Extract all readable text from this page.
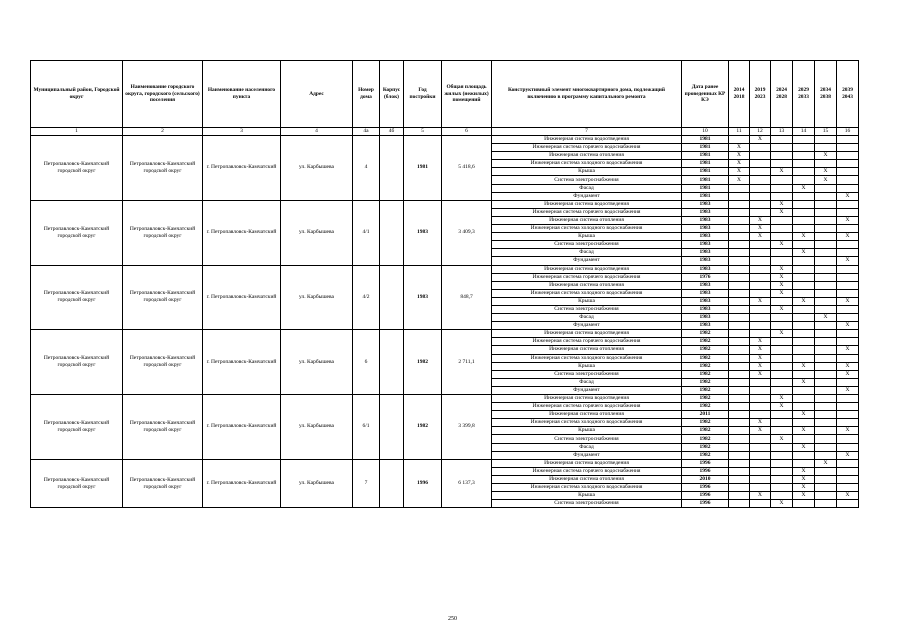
Муниципальный район, Городской округ	Наименование городского округа, городского (сельского) поселения	Наименование населенного пункта	Адрес	Номер дома	Корпус (блок)	Год постройки	Общая площадь жилых (нежилых) помещений	Конструктивный элемент многоквартирного дома, подлежащий включению в программу капитального ремонта	Дата ранее проведенных КР КЭ	2014 2018	2019 2023	2024 2028	2029 2033	2034 2038	2039 2043
1	2	3	4	4а	4б	5	6	7	10	11	12	13	14	15	16
Петропавловск-Камчатский городской округ	Петропавловск-Камчатский городской округ	г. Петропавловск-Камчатский	ул. Карбышева	4		1981	5 418,6	Инженерная система водоотведения	1981		X				
								Инженерная система горячего водоснабжения	1981	X					
								Инженерная система отопления	1981	X				X	
								Инженерная система холодного водоснабжения	1981	X					
								Крыша	1981	X		X		X	
								Система электроснабжения	1981	X				X	
								Фасад	1981				X		
								Фундамент	1981						X
Петропавловск-Камчатский городской округ	Петропавловск-Камчатский городской округ	г. Петропавловск-Камчатский	ул. Карбышева	4/1		1983	3 409,3	Инженерная система водоотведения	1983			X			
								Инженерная система горячего водоснабжения	1983			X			
								Инженерная система отопления	1983		X				X
								Инженерная система холодного водоснабжения	1983		X				
								Крыша	1983		X		X		X
								Система электроснабжения	1983			X			
								Фасад	1983				X		
								Фундамент	1983						X
Петропавловск-Камчатский городской округ	Петропавловск-Камчатский городской округ	г. Петропавловск-Камчатский	ул. Карбышева	4/2		1983	848,7	Инженерная система водоотведения	1983			X			
								Инженерная система горячего водоснабжения	1976			X			
								Инженерная система отопления	1983			X			
								Инженерная система холодного водоснабжения	1983			X			
								Крыша	1983		X		X		X
								Система электроснабжения	1983			X			
								Фасад	1983					X	
								Фундамент	1983						X
Петропавловск-Камчатский городской округ	Петропавловск-Камчатский городской округ	г. Петропавловск-Камчатский	ул. Карбышева	6		1982	2 711,1	Инженерная система водоотведения	1982			X			
								Инженерная система горячего водоснабжения	1982		X				
								Инженерная система отопления	1982		X				X
								Инженерная система холодного водоснабжения	1982		X				
								Крыша	1982		X		X		X
								Система электроснабжения	1982		X				X
								Фасад	1982				X		
								Фундамент	1982						X
Петропавловск-Камчатский городской округ	Петропавловск-Камчатский городской округ	г. Петропавловск-Камчатский	ул. Карбышева	6/1		1982	3 399,8	Инженерная система водоотведения	1982			X			
								Инженерная система горячего водоснабжения	1982			X			
								Инженерная система отопления	2011				X		
								Инженерная система холодного водоснабжения	1982		X				
								Крыша	1982		X		X		X
								Система электроснабжения	1982			X			
								Фасад	1982				X		
								Фундамент	1982						X
Петропавловск-Камчатский городской округ	Петропавловск-Камчатский городской округ	г. Петропавловск-Камчатский	ул. Карбышева	7		1996	6 137,3	Инженерная система водоотведения	1996					X	
								Инженерная система горячего водоснабжения	1996				X		
								Инженерная система отопления	2010				X		
								Инженерная система холодного водоснабжения	1996				X		
								Крыша	1996		X		X		X
								Система электроснабжения	1996			X			
250
